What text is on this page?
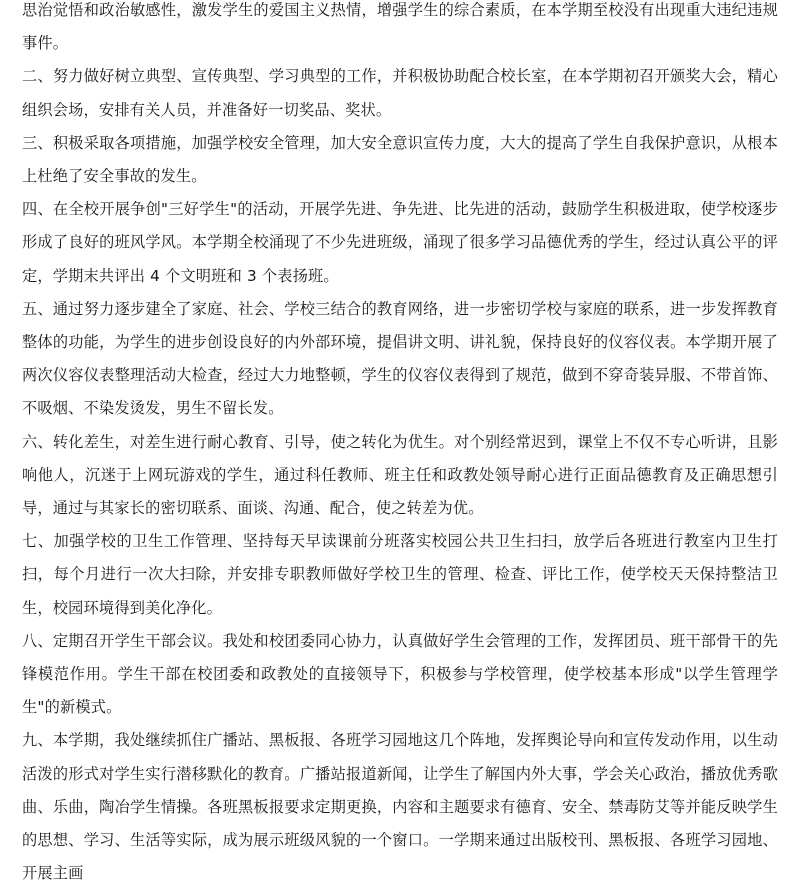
思治觉悟和政治敏感性，激发学生的爱国主义热情，增强学生的综合素质，在本学期至校没有出现重大违纪违规事件。

二、努力做好树立典型、宣传典型、学习典型的工作，并积极协助配合校长室，在本学期初召开颁奖大会，精心组织会场，安排有关人员，并准备好一切奖品、奖状。

三、积极采取各项措施，加强学校安全管理，加大安全意识宣传力度，大大的提高了学生自我保护意识，从根本上杜绝了安全事故的发生。

四、在全校开展争创"三好学生"的活动，开展学先进、争先进、比先进的活动，鼓励学生积极进取，使学校逐步形成了良好的班风学风。本学期全校涌现了不少先进班级，涌现了很多学习品德优秀的学生，经过认真公平的评定，学期末共评出 4 个文明班和 3 个表扬班。

五、通过努力逐步建全了家庭、社会、学校三结合的教育网络，进一步密切学校与家庭的联系，进一步发挥教育整体的功能，为学生的进步创设良好的内外部环境，提倡讲文明、讲礼貌，保持良好的仪容仪表。本学期开展了两次仪容仪表整理活动大检查，经过大力地整顿，学生的仪容仪表得到了规范，做到不穿奇装异服、不带首饰、不吸烟、不染发烫发，男生不留长发。

六、转化差生，对差生进行耐心教育、引导，使之转化为优生。对个别经常迟到，课堂上不仅不专心听讲，且影响他人，沉迷于上网玩游戏的学生，通过科任教师、班主任和政教处领导耐心进行正面品德教育及正确思想引导，通过与其家长的密切联系、面谈、沟通、配合，使之转差为优。

七、加强学校的卫生工作管理、坚持每天早读课前分班落实校园公共卫生扫扫，放学后各班进行教室内卫生打扫，每个月进行一次大扫除，并安排专职教师做好学校卫生的管理、检查、评比工作，使学校天天保持整洁卫生，校园环境得到美化净化。

八、定期召开学生干部会议。我处和校团委同心协力，认真做好学生会管理的工作，发挥团员、班干部骨干的先锋模范作用。学生干部在校团委和政教处的直接领导下，积极参与学校管理，使学校基本形成"以学生管理学生"的新模式。

九、本学期，我处继续抓住广播站、黑板报、各班学习园地这几个阵地，发挥舆论导向和宣传发动作用，以生动活泼的形式对学生实行潜移默化的教育。广播站报道新闻，让学生了解国内外大事，学会关心政治，播放优秀歌曲、乐曲，陶冶学生情操。各班黑板报要求定期更换，内容和主题要求有德育、安全、禁毒防艾等并能反映学生的思想、学习、生活等实际，成为展示班级风貌的一个窗口。一学期来通过出版校刊、黑板报、各班学习园地、开展主画
